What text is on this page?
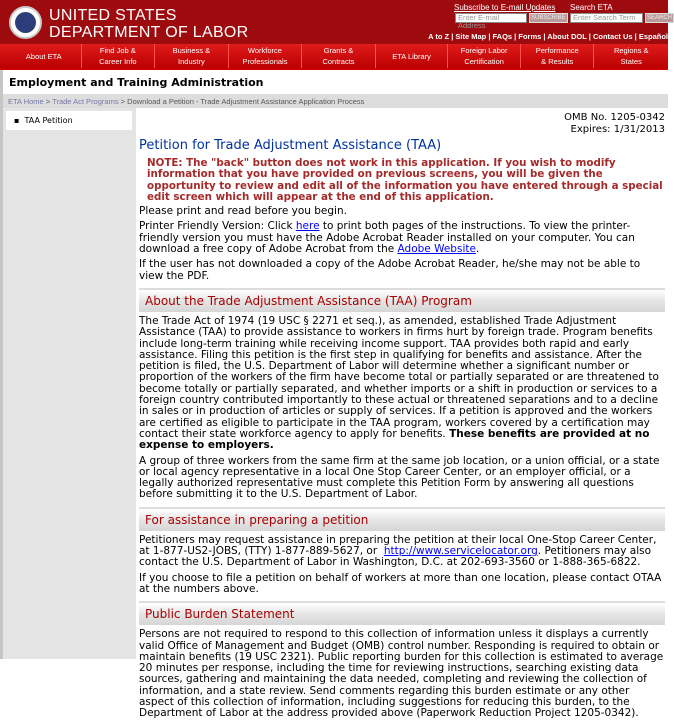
UNITED STATES
DEPARTMENT OF LABOR
Subscribe to E-mail Updates
Enter E-mail Address
SUBSCRIBE
Search ETA
Enter Search Term	SEARCH
A to Z | Site Map | FAQs | Forms | About DOL | Contact Us | Español
About ETA
Find Job &
Career Info
Business &
Industry
Workforce
Professionals
Grants &
Contracts
ETA Library
Foreign Labor
Certification
Performance
& Results
Regions &
States
Employment and Training Administration
ETA Home > Trade Act Programs > Download a Petition - Trade Adjustment Assistance Application Process
▪  TAA Petition	OMB No. 1205-0342
Expires: 1/31/2013
Petition for Trade Adjustment Assistance (TAA)
NOTE: The "back" button does not work in this application. If you wish to modify information that you have provided on previous screens, you will be given the opportunity to review and edit all of the information you have entered through a special edit screen which will appear at the end of this application.

Please print and read before you begin.

Printer Friendly Version: Click here to print both pages of the instructions. To view the printer-friendly version you must have the Adobe Acrobat Reader installed on your computer. You can download a free copy of Adobe Acrobat from the Adobe Website.

If the user has not downloaded a copy of the Adobe Acrobat Reader, he/she may not be able to view the PDF.

About the Trade Adjustment Assistance (TAA) Program

The Trade Act of 1974 (19 USC § 2271 et seq.), as amended, established Trade Adjustment Assistance (TAA) to provide assistance to workers in firms hurt by foreign trade. Program benefits include long-term training while receiving income support. TAA provides both rapid and early assistance. Filing this petition is the first step in qualifying for benefits and assistance. After the petition is filed, the U.S. Department of Labor will determine whether a significant number or proportion of the workers of the firm have become total or partially separated or are threatened to become totally or partially separated, and whether imports or a shift in production or services to a foreign country contributed importantly to these actual or threatened separations and to a decline in sales or in production of articles or supply of services. If a petition is approved and the workers are certified as eligible to participate in the TAA program, workers covered by a certification may contact their state workforce agency to apply for benefits. These benefits are provided at no expense to employers.

A group of three workers from the same firm at the same job location, or a union official, or a state or local agency representative in a local One Stop Career Center, or an employer official, or a legally authorized representative must complete this Petition Form by answering all questions before submitting it to the U.S. Department of Labor.

For assistance in preparing a petition

Petitioners may request assistance in preparing the petition at their local One-Stop Career Center, at 1-877-US2-JOBS, (TTY) 1-877-889-5627, or  http://www.servicelocator.org. Petitioners may also contact the U.S. Department of Labor in Washington, D.C. at 202-693-3560 or 1-888-365-6822.

If you choose to file a petition on behalf of workers at more than one location, please contact OTAA at the numbers above.

Public Burden Statement

Persons are not required to respond to this collection of information unless it displays a currently valid Office of Management and Budget (OMB) control number. Responding is required to obtain or maintain benefits (19 USC 2321). Public reporting burden for this collection is estimated to average 20 minutes per response, including the time for reviewing instructions, searching existing data sources, gathering and maintaining the data needed, completing and reviewing the collection of information, and a state review. Send comments regarding this burden estimate or any other aspect of this collection of information, including suggestions for reducing this burden, to the Department of Labor at the address provided above (Paperwork Reduction Project 1205-0342).
